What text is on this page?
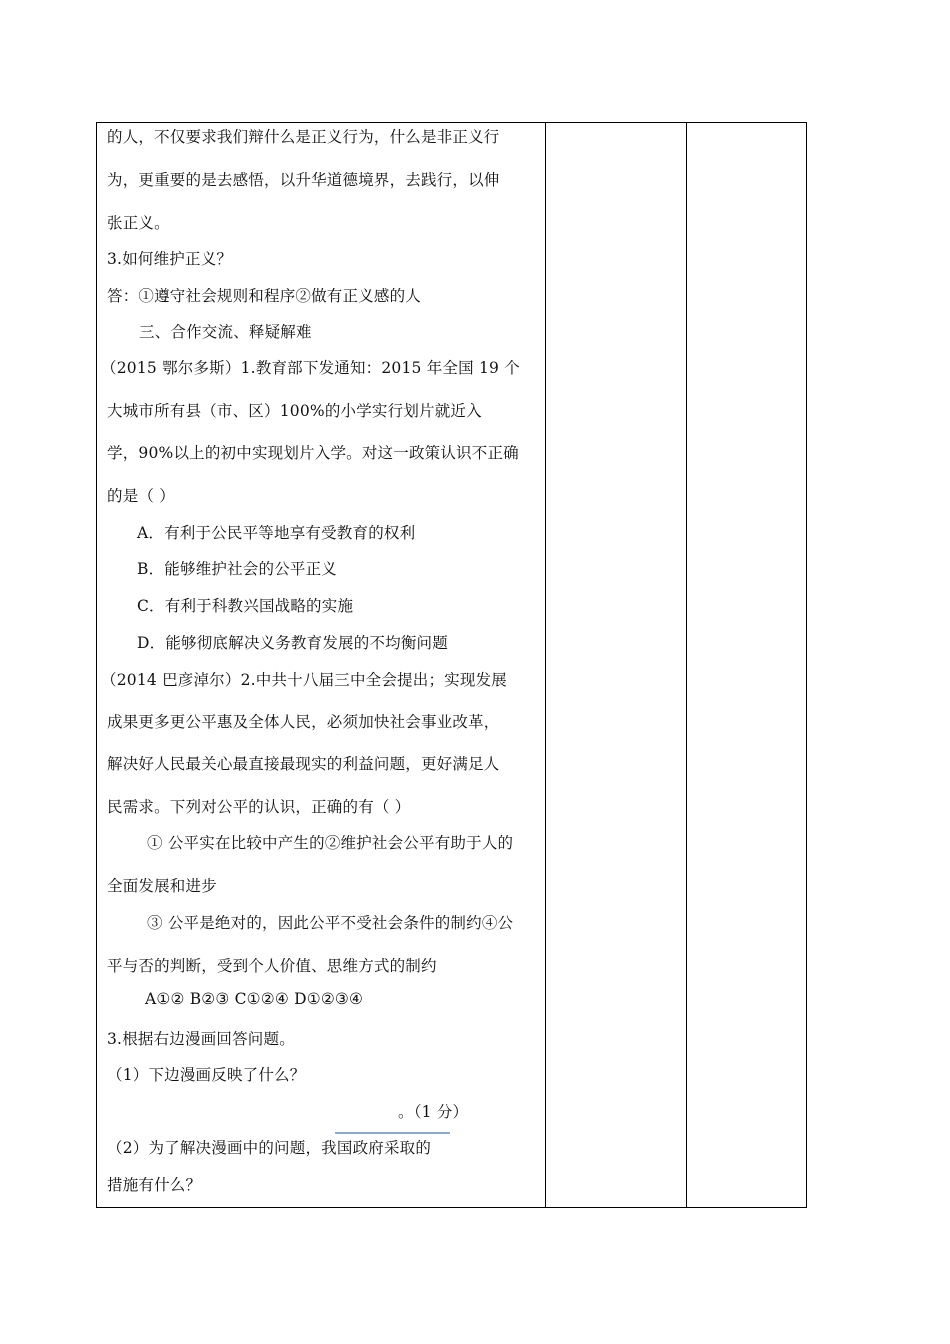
的人，不仅要求我们辩什么是正义行为，什么是非正义行
为，更重要的是去感悟，以升华道德境界，去践行，以伸
张正义。
3.如何维护正义？
答：①遵守社会规则和程序②做有正义感的人
三、合作交流、释疑解难
（2015 鄂尔多斯）1.教育部下发通知：2015 年全国 19 个
大城市所有县（市、区）100%的小学实行划片就近入
学，90%以上的初中实现划片入学。对这一政策认识不正确
的是（ ）
A．有利于公民平等地享有受教育的权利
B．能够维护社会的公平正义
C．有利于科教兴国战略的实施
D．能够彻底解决义务教育发展的不均衡问题
（2014 巴彦淖尔）2.中共十八届三中全会提出；实现发展
成果更多更公平惠及全体人民，必须加快社会事业改革，
解决好人民最关心最直接最现实的利益问题，更好满足人
民需求。下列对公平的认识，正确的有（ ）
① 公平实在比较中产生的②维护社会公平有助于人的
全面发展和进步
③ 公平是绝对的，因此公平不受社会条件的制约④公
平与否的判断，受到个人价值、思维方式的制约
A①② B②③ C①②④ D①②③④
3.根据右边漫画回答问题。
（1）下边漫画反映了什么？
。（1 分）
（2）为了解决漫画中的问题，我国政府采取的
措施有什么？
